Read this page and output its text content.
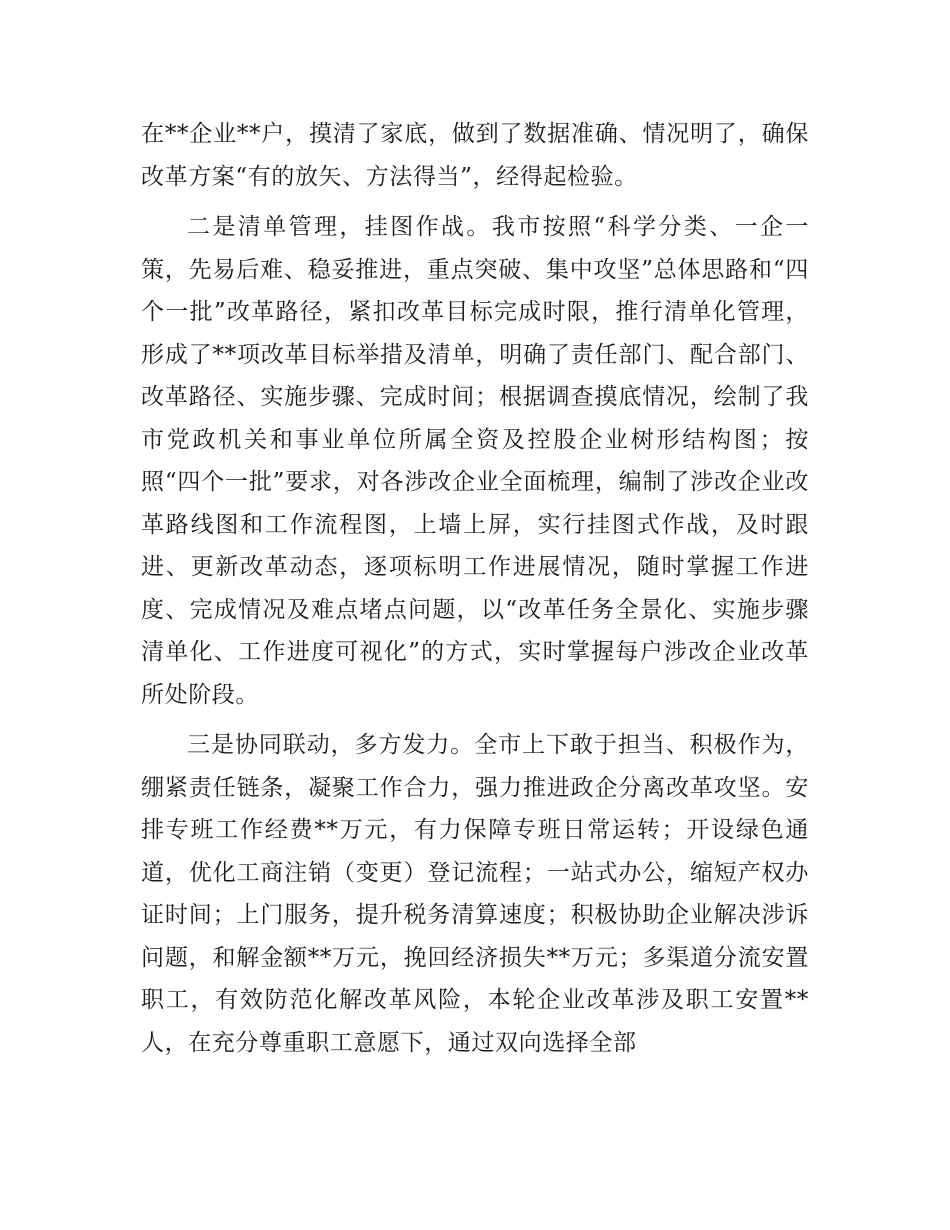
在**企业**户，摸清了家底，做到了数据准确、情况明了，确保改革方案“有的放矢、方法得当”，经得起检验。

二是清单管理，挂图作战。我市按照“科学分类、一企一策，先易后难、稳妥推进，重点突破、集中攻坚”总体思路和“四个一批”改革路径，紧扣改革目标完成时限，推行清单化管理，形成了**项改革目标举措及清单，明确了责任部门、配合部门、改革路径、实施步骤、完成时间；根据调查摸底情况，绘制了我市党政机关和事业单位所属全资及控股企业树形结构图；按照“四个一批”要求，对各涉改企业全面梳理，编制了涉改企业改革路线图和工作流程图，上墙上屏，实行挂图式作战，及时跟进、更新改革动态，逐项标明工作进展情况，随时掌握工作进度、完成情况及难点堵点问题，以“改革任务全景化、实施步骤清单化、工作进度可视化”的方式，实时掌握每户涉改企业改革所处阶段。

三是协同联动，多方发力。全市上下敢于担当、积极作为，绷紧责任链条，凝聚工作合力，强力推进政企分离改革攻坚。安排专班工作经费**万元，有力保障专班日常运转；开设绿色通道，优化工商注销（变更）登记流程；一站式办公，缩短产权办证时间；上门服务，提升税务清算速度；积极协助企业解决涉诉问题，和解金额**万元，挽回经济损失**万元；多渠道分流安置职工，有效防范化解改革风险，本轮企业改革涉及职工安置**人，在充分尊重职工意愿下，通过双向选择全部
